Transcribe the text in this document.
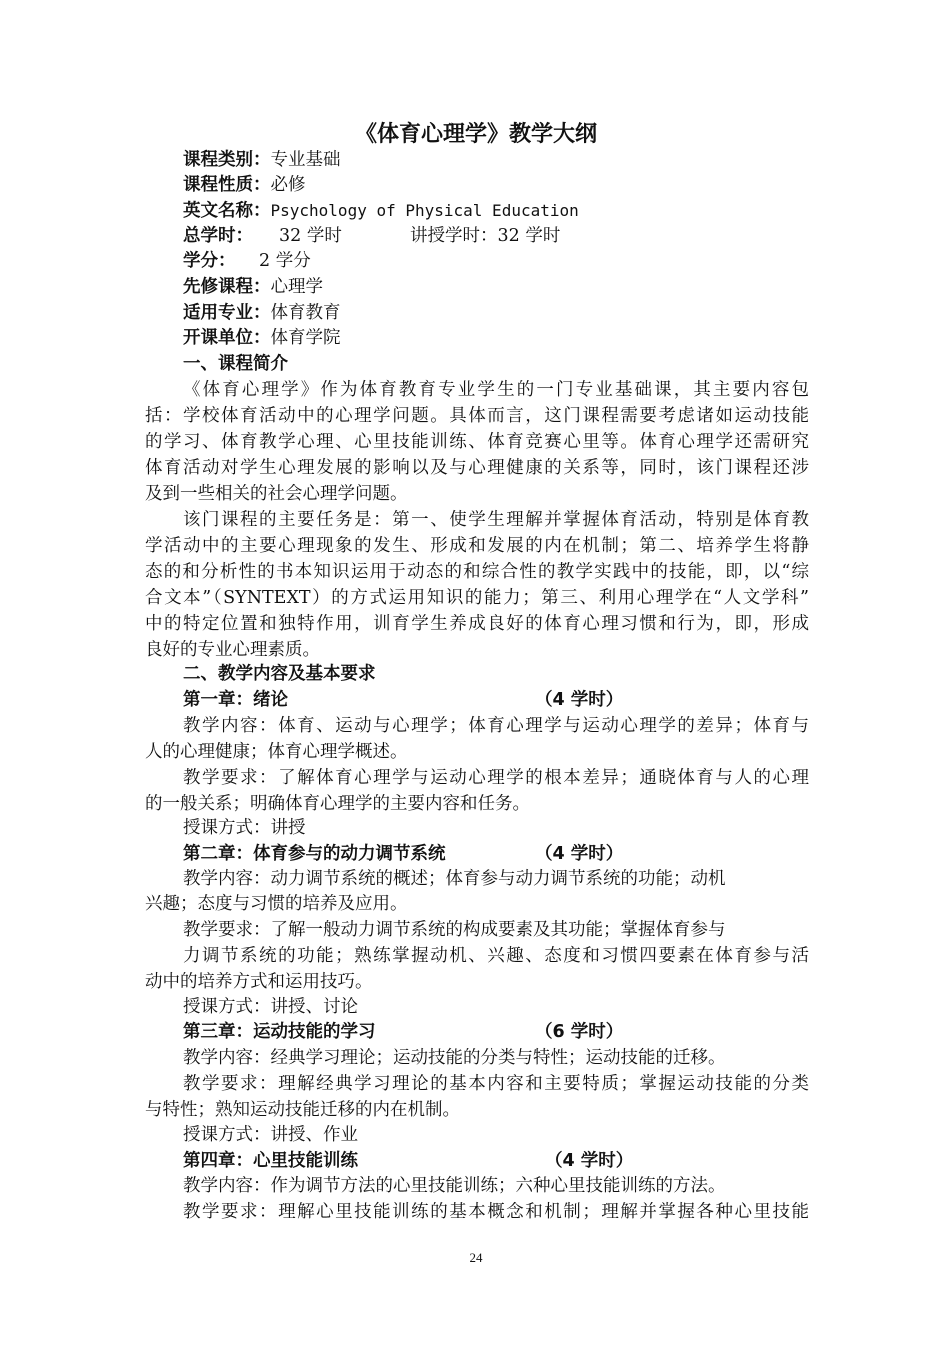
《体育心理学》教学大纲
课程类别：专业基础
课程性质：必修
英文名称：Psychology of Physical Education
总学时： 32 学时	讲授学时：32 学时
学分： 2 学分
先修课程：心理学
适用专业：体育教育
开课单位：体育学院
一、课程简介
《体育心理学》作为体育教育专业学生的一门专业基础课，其主要内容包
括：学校体育活动中的心理学问题。具体而言，这门课程需要考虑诸如运动技能
的学习、体育教学心理、心里技能训练、体育竞赛心里等。体育心理学还需研究
体育活动对学生心理发展的影响以及与心理健康的关系等，同时，该门课程还涉
及到一些相关的社会心理学问题。
该门课程的主要任务是：第一、使学生理解并掌握体育活动，特别是体育教
学活动中的主要心理现象的发生、形成和发展的内在机制；第二、培养学生将静
态的和分析性的书本知识运用于动态的和综合性的教学实践中的技能，即，以“综
合文本”（SYNTEXT）的方式运用知识的能力；第三、利用心理学在“人文学科”
中的特定位置和独特作用，训育学生养成良好的体育心理习惯和行为，即，形成
良好的专业心理素质。
二、教学内容及基本要求
第一章：绪论	（4 学时）
教学内容：体育、运动与心理学；体育心理学与运动心理学的差异；体育与
人的心理健康；体育心理学概述。
教学要求：了解体育心理学与运动心理学的根本差异；通晓体育与人的心理
的一般关系；明确体育心理学的主要内容和任务。
授课方式：讲授
第二章：体育参与的动力调节系统	（4 学时）
教学内容：动力调节系统的概述；体育参与动力调节系统的功能；动机
兴趣；态度与习惯的培养及应用。
教学要求：了解一般动力调节系统的构成要素及其功能；掌握体育参与
力调节系统的功能；熟练掌握动机、兴趣、态度和习惯四要素在体育参与活
动中的培养方式和运用技巧。
授课方式：讲授、讨论
第三章：运动技能的学习	（6 学时）
教学内容：经典学习理论；运动技能的分类与特性；运动技能的迁移。
教学要求：理解经典学习理论的基本内容和主要特质；掌握运动技能的分类
与特性；熟知运动技能迁移的内在机制。
授课方式：讲授、作业
第四章：心里技能训练	（4 学时）
教学内容：作为调节方法的心里技能训练；六种心里技能训练的方法。
教学要求：理解心里技能训练的基本概念和机制；理解并掌握各种心里技能
24
